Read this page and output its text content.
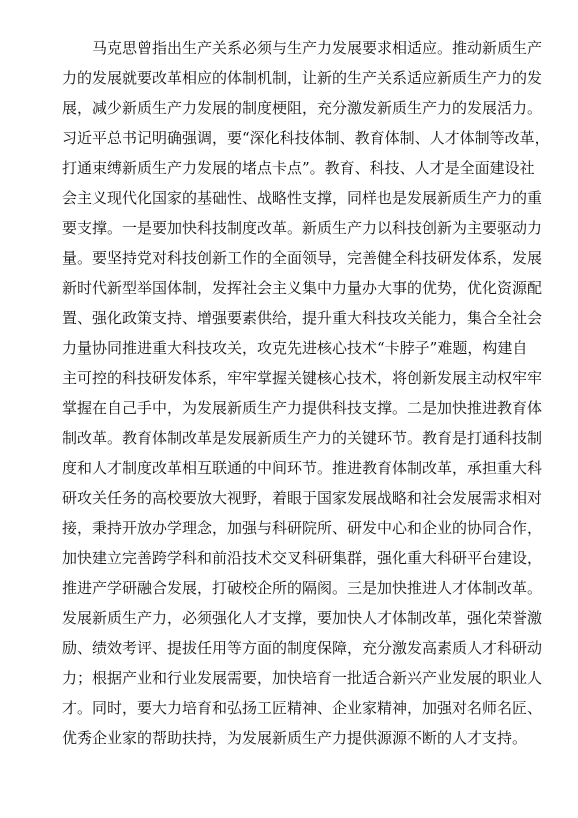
马克思曾指出生产关系必须与生产力发展要求相适应。推动新质生产
力的发展就要改革相应的体制机制，让新的生产关系适应新质生产力的发
展，减少新质生产力发展的制度梗阻，充分激发新质生产力的发展活力。
习近平总书记明确强调，要“深化科技体制、教育体制、人才体制等改革，
打通束缚新质生产力发展的堵点卡点”。教育、科技、人才是全面建设社
会主义现代化国家的基础性、战略性支撑，同样也是发展新质生产力的重
要支撑。一是要加快科技制度改革。新质生产力以科技创新为主要驱动力
量。要坚持党对科技创新工作的全面领导，完善健全科技研发体系，发展
新时代新型举国体制，发挥社会主义集中力量办大事的优势，优化资源配
置、强化政策支持、增强要素供给，提升重大科技攻关能力，集合全社会
力量协同推进重大科技攻关，攻克先进核心技术“卡脖子”难题，构建自
主可控的科技研发体系，牢牢掌握关键核心技术，将创新发展主动权牢牢
掌握在自己手中，为发展新质生产力提供科技支撑。二是加快推进教育体
制改革。教育体制改革是发展新质生产力的关键环节。教育是打通科技制
度和人才制度改革相互联通的中间环节。推进教育体制改革，承担重大科
研攻关任务的高校要放大视野，着眼于国家发展战略和社会发展需求相对
接，秉持开放办学理念，加强与科研院所、研发中心和企业的协同合作，
加快建立完善跨学科和前沿技术交叉科研集群，强化重大科研平台建设，
推进产学研融合发展，打破校企所的隔阂。三是加快推进人才体制改革。
发展新质生产力，必须强化人才支撑，要加快人才体制改革，强化荣誉激
励、绩效考评、提拔任用等方面的制度保障，充分激发高素质人才科研动
力；根据产业和行业发展需要，加快培育一批适合新兴产业发展的职业人
才。同时，要大力培育和弘扬工匠精神、企业家精神，加强对名师名匠、
优秀企业家的帮助扶持，为发展新质生产力提供源源不断的人才支持。
